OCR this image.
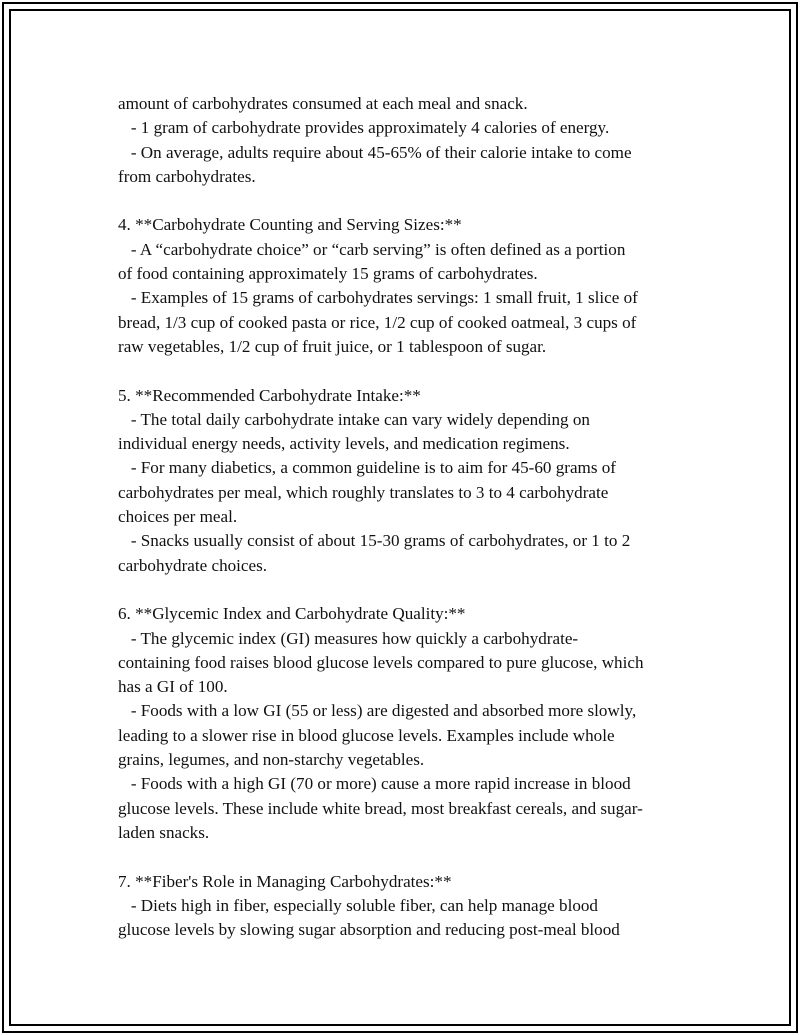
amount of carbohydrates consumed at each meal and snack.
- 1 gram of carbohydrate provides approximately 4 calories of energy.
- On average, adults require about 45-65% of their calorie intake to come
from carbohydrates.
4. **Carbohydrate Counting and Serving Sizes:**
- A “carbohydrate choice” or “carb serving” is often defined as a portion
of food containing approximately 15 grams of carbohydrates.
- Examples of 15 grams of carbohydrates servings: 1 small fruit, 1 slice of
bread, 1/3 cup of cooked pasta or rice, 1/2 cup of cooked oatmeal, 3 cups of
raw vegetables, 1/2 cup of fruit juice, or 1 tablespoon of sugar.
5. **Recommended Carbohydrate Intake:**
- The total daily carbohydrate intake can vary widely depending on
individual energy needs, activity levels, and medication regimens.
- For many diabetics, a common guideline is to aim for 45-60 grams of
carbohydrates per meal, which roughly translates to 3 to 4 carbohydrate
choices per meal.
- Snacks usually consist of about 15-30 grams of carbohydrates, or 1 to 2
carbohydrate choices.
6. **Glycemic Index and Carbohydrate Quality:**
- The glycemic index (GI) measures how quickly a carbohydrate-
containing food raises blood glucose levels compared to pure glucose, which
has a GI of 100.
- Foods with a low GI (55 or less) are digested and absorbed more slowly,
leading to a slower rise in blood glucose levels. Examples include whole
grains, legumes, and non-starchy vegetables.
- Foods with a high GI (70 or more) cause a more rapid increase in blood
glucose levels. These include white bread, most breakfast cereals, and sugar-
laden snacks.
7. **Fiber's Role in Managing Carbohydrates:**
- Diets high in fiber, especially soluble fiber, can help manage blood
glucose levels by slowing sugar absorption and reducing post-meal blood
